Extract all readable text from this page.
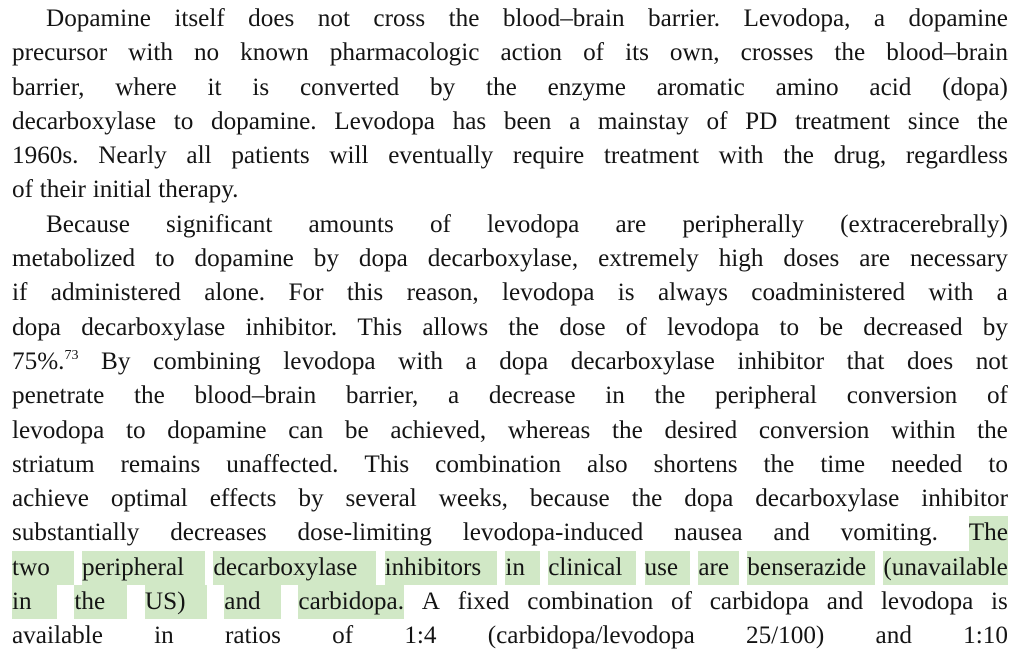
Dopamine itself does not cross the blood–brain barrier. Levodopa, a dopamine
precursor with no known pharmacologic action of its own, crosses the blood–brain
barrier, where it is converted by the enzyme aromatic amino acid (dopa)
decarboxylase to dopamine. Levodopa has been a mainstay of PD treatment since the
1960s. Nearly all patients will eventually require treatment with the drug, regardless
of their initial therapy.
Because significant amounts of levodopa are peripherally (extracerebrally)
metabolized to dopamine by dopa decarboxylase, extremely high doses are necessary
if administered alone. For this reason, levodopa is always coadministered with a
dopa decarboxylase inhibitor. This allows the dose of levodopa to be decreased by
75%.$^{73}$ By combining levodopa with a dopa decarboxylase inhibitor that does not
penetrate the blood–brain barrier, a decrease in the peripheral conversion of
levodopa to dopamine can be achieved, whereas the desired conversion within the
striatum remains unaffected. This combination also shortens the time needed to
achieve optimal effects by several weeks, because the dopa decarboxylase inhibitor
substantially decreases dose-limiting levodopa-induced nausea and vomiting. The
two	peripheral	decarboxylase	inhibitors in clinical use are benserazide (unavailable
in	the	US)	and	carbidopa. A fixed combination of carbidopa and levodopa is
available in ratios of 1:4 (carbidopa/levodopa 25/100) and 1:10
